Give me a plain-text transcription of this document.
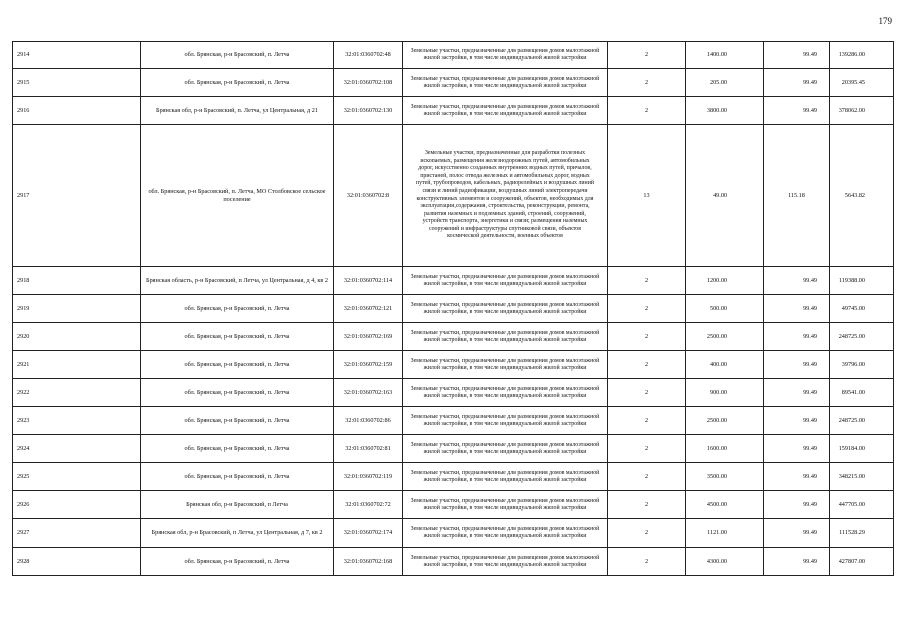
179
2914	обл. Брянская, р-н Брасовский, п. Летча	32:01:0360702:48	Земельные участки, предназначенные для размещения домов малоэтажной жилой застройки, в том числе индивидуальной жилой застройки	2	1400.00	99.49	139286.00
2915	обл. Брянская, р-н Брасовский, п. Летча	32:01:0360702:108	Земельные участки, предназначенные для размещения домов малоэтажной жилой застройки, в том числе индивидуальной жилой застройки	2	205.00	99.49	20395.45
2916	Брянская обл, р-н Брасовский, п. Летча, ул Центральная, д 21	32:01:0360702:130	Земельные участки, предназначенные для размещения домов малоэтажной жилой застройки, в том числе индивидуальной жилой застройки	2	3800.00	99.49	378062.00
2917	обл. Брянская, р-н Брасовский, п. Летча, МО Столбовское сельское поселение	32:01:0360702:8	Земельные участки, предназначенные для разработки полезных ископаемых, размещения железнодорожных путей, автомобильных дорог, искусственно созданных внутренних водных путей, причалов, пристаней, полос отвода железных и автомобильных дорог, водных путей, трубопроводов, кабельных, радиорелейных и воздушных линий связи и линий радиофикации, воздушных линий электропередачи конструктивных элементов и сооружений, объектов, необходимых для эксплуатации,содержания, строительства, реконструкции, ремонта, развития наземных и подземных зданий, строений, сооружений, устройств транспорта, энергетики и связи; размещения наземных сооружений и инфраструктуры спутниковой связи, объектов космической деятельности, военных объектов	13	49.00	115.18	5643.82
2918	Брянская область, р-н Брасовский, п Летча, ул Центральная, д 4, кв 2	32:01:0360702:114	Земельные участки, предназначенные для размещения домов малоэтажной жилой застройки, в том числе индивидуальной жилой застройки	2	1200.00	99.49	119388.00
2919	обл. Брянская, р-н Брасовский, п. Летча	32:01:0360702:121	Земельные участки, предназначенные для размещения домов малоэтажной жилой застройки, в том числе индивидуальной жилой застройки	2	500.00	99.49	49745.00
2920	обл. Брянская, р-н Брасовский, п. Летча	32:01:0360702:169	Земельные участки, предназначенные для размещения домов малоэтажной жилой застройки, в том числе индивидуальной жилой застройки	2	2500.00	99.49	248725.00
2921	обл. Брянская, р-н Брасовский, п. Летча	32:01:0360702:159	Земельные участки, предназначенные для размещения домов малоэтажной жилой застройки, в том числе индивидуальной жилой застройки	2	400.00	99.49	39796.00
2922	обл. Брянская, р-н Брасовский, п. Летча	32:01:0360702:163	Земельные участки, предназначенные для размещения домов малоэтажной жилой застройки, в том числе индивидуальной жилой застройки	2	900.00	99.49	89541.00
2923	обл. Брянская, р-н Брасовский, п. Летча	32:01:0360702:86	Земельные участки, предназначенные для размещения домов малоэтажной жилой застройки, в том числе индивидуальной жилой застройки	2	2500.00	99.49	248725.00
2924	обл. Брянская, р-н Брасовский, п. Летча	32:01:0360702:81	Земельные участки, предназначенные для размещения домов малоэтажной жилой застройки, в том числе индивидуальной жилой застройки	2	1600.00	99.49	159184.00
2925	обл. Брянская, р-н Брасовский, п. Летча	32:01:0360702:119	Земельные участки, предназначенные для размещения домов малоэтажной жилой застройки, в том числе индивидуальной жилой застройки	2	3500.00	99.49	348215.00
2926	Брянская обл, р-н Брасовский, п Летча	32:01:0360702:72	Земельные участки, предназначенные для размещения домов малоэтажной жилой застройки, в том числе индивидуальной жилой застройки	2	4500.00	99.49	447705.00
2927	Брянская обл, р-н Брасовский, п Летча, ул Центральная, д 7, кв 2	32:01:0360702:174	Земельные участки, предназначенные для размещения домов малоэтажной жилой застройки, в том числе индивидуальной жилой застройки	2	1121.00	99.49	111528.29
2928	обл. Брянская, р-н Брасовский, п. Летча	32:01:0360702:168	Земельные участки, предназначенные для размещения домов малоэтажной жилой застройки, в том числе индивидуальной жилой застройки	2	4300.00	99.49	427807.00
